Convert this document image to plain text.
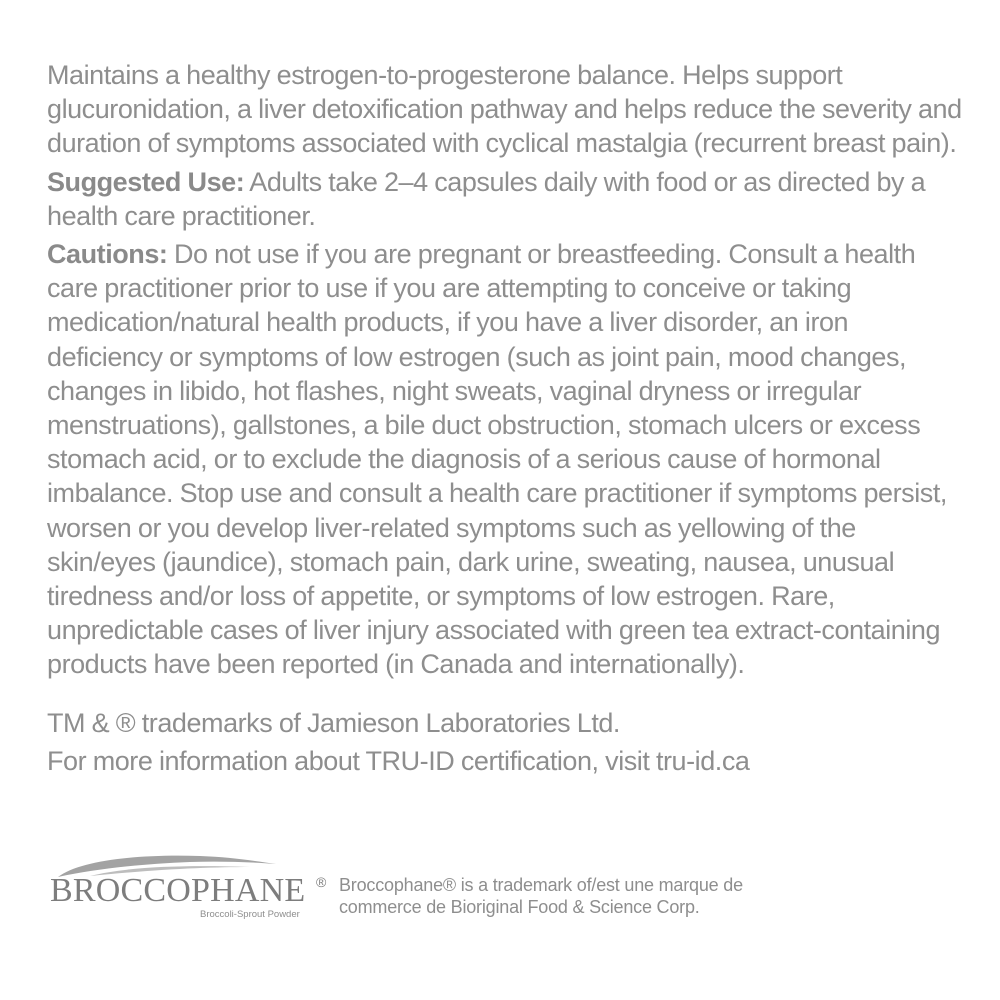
Maintains a healthy estrogen-to-progesterone balance. Helps support glucuronidation, a liver detoxification pathway and helps reduce the severity and duration of symptoms associated with cyclical mastalgia (recurrent breast pain).

Suggested Use: Adults take 2–4 capsules daily with food or as directed by a health care practitioner.

Cautions: Do not use if you are pregnant or breastfeeding. Consult a health care practitioner prior to use if you are attempting to conceive or taking medication/natural health products, if you have a liver disorder, an iron deficiency or symptoms of low estrogen (such as joint pain, mood changes, changes in libido, hot flashes, night sweats, vaginal dryness or irregular menstruations), gallstones, a bile duct obstruction, stomach ulcers or excess stomach acid, or to exclude the diagnosis of a serious cause of hormonal imbalance. Stop use and consult a health care practitioner if symptoms persist, worsen or you develop liver-related symptoms such as yellowing of the skin/eyes (jaundice), stomach pain, dark urine, sweating, nausea, unusual tiredness and/or loss of appetite, or symptoms of low estrogen. Rare, unpredictable cases of liver injury associated with green tea extract-containing products have been reported (in Canada and internationally).

TM & ® trademarks of Jamieson Laboratories Ltd.

For more information about TRU-ID certification, visit tru-id.ca

BROCCOPHANE ®
Broccoli-Sprout Powder
Broccophane® is a trademark of/est une marque de
commerce de Bioriginal Food & Science Corp.
